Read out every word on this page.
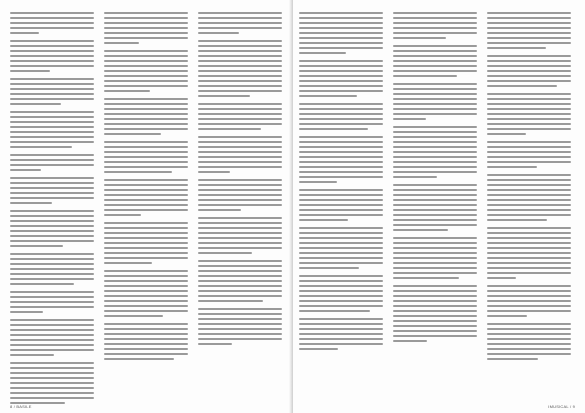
8 / BASILE	IMUSICAL / 9
